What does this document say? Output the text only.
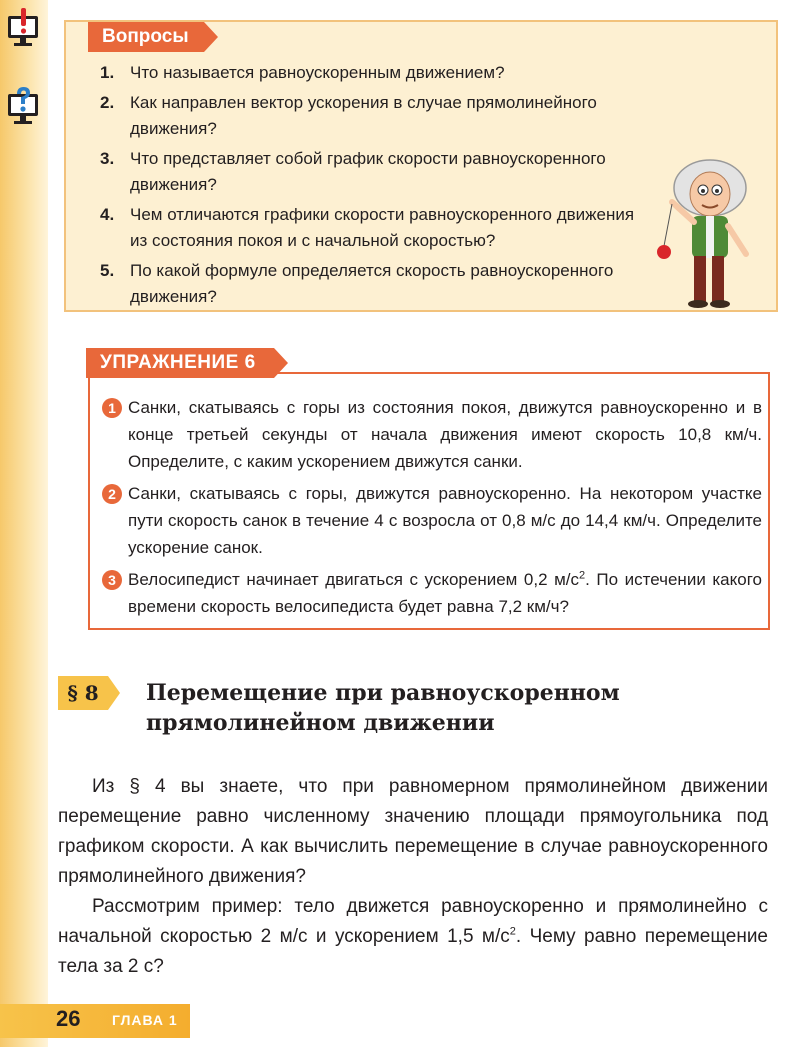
Вопросы
1. Что называется равноускоренным движением?
2. Как направлен вектор ускорения в случае прямолинейного движения?
3. Что представляет собой график скорости равноускоренного движения?
4. Чем отличаются графики скорости равноускоренного движения из состояния покоя и с начальной скоростью?
5. По какой формуле определяется скорость равноускоренного движения?
УПРАЖНЕНИЕ 6
1 Санки, скатываясь с горы из состояния покоя, движутся равноускоренно и в конце третьей секунды от начала движения имеют скорость 10,8 км/ч. Определите, с каким ускорением движутся санки.
2 Санки, скатываясь с горы, движутся равноускоренно. На некотором участке пути скорость санок в течение 4 с возросла от 0,8 м/с до 14,4 км/ч. Определите ускорение санок.
3 Велосипедист начинает двигаться с ускорением 0,2 $м/с^2$. По истечении какого времени скорость велосипедиста будет равна 7,2 км/ч?
§ 8	Перемещение при равноускоренном прямолинейном движении

Из § 4 вы знаете, что при равномерном прямолинейном движении перемещение равно численному значению площади прямоугольника под графиком скорости. А как вычислить перемещение в случае равноускоренного прямолинейного движения?

Рассмотрим пример: тело движется равноускоренно и прямолинейно с начальной скоростью 2 м/с и ускорением 1,5 $м/с^2$. Чему равно перемещение тела за 2 с?

26 ГЛАВА 1
